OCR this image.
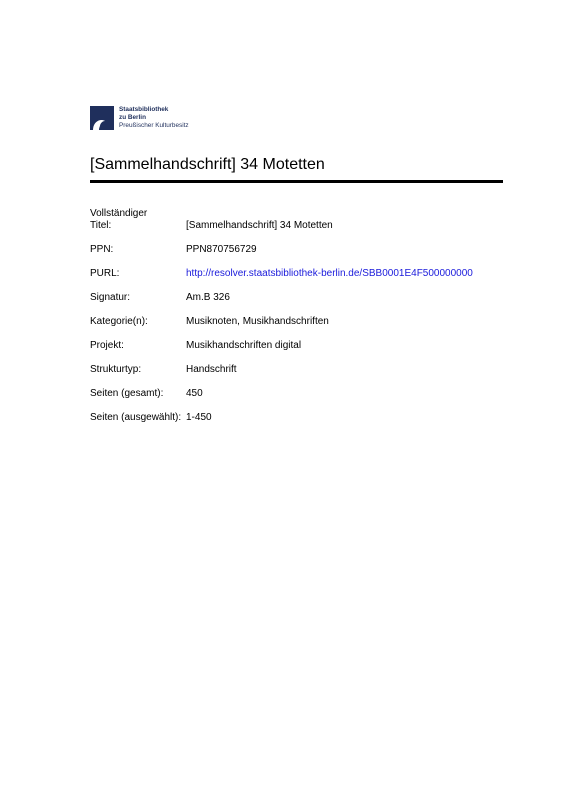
Staatsbibliothek
zu Berlin
Preußischer Kulturbesitz
[Sammelhandschrift] 34 Motetten
Vollständiger Titel:	[Sammelhandschrift] 34 Motetten
PPN:	PPN870756729
PURL:	http://resolver.staatsbibliothek-berlin.de/SBB0001E4F500000000
Signatur:	Am.B 326
Kategorie(n):	Musiknoten, Musikhandschriften
Projekt:	Musikhandschriften digital
Strukturtyp:	Handschrift
Seiten (gesamt):	450
Seiten (ausgewählt): 1-450
